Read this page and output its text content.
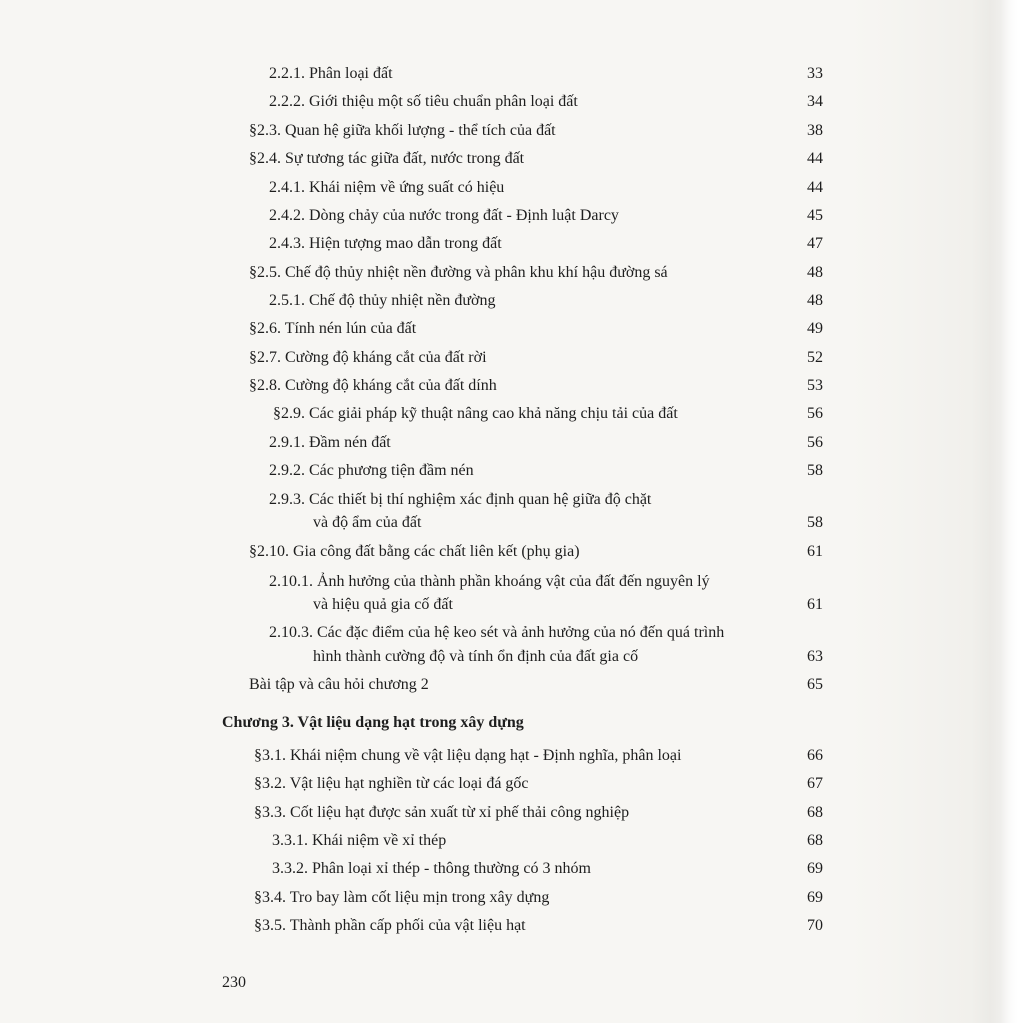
2.2.1. Phân loại đất	33
2.2.2. Giới thiệu một số tiêu chuẩn phân loại đất	34
§2.3. Quan hệ giữa khối lượng - thể tích của đất	38
§2.4. Sự tương tác giữa đất, nước trong đất	44
2.4.1. Khái niệm về ứng suất có hiệu	44
2.4.2. Dòng chảy của nước trong đất - Định luật Darcy	45
2.4.3. Hiện tượng mao dẫn trong đất	47
§2.5. Chế độ thủy nhiệt nền đường và phân khu khí hậu đường sá	48
2.5.1. Chế độ thủy nhiệt nền đường	48
§2.6. Tính nén lún của đất	49
§2.7. Cường độ kháng cắt của đất rời	52
§2.8. Cường độ kháng cắt của đất dính	53
§2.9. Các giải pháp kỹ thuật nâng cao khả năng chịu tải của đất	56
2.9.1. Đầm nén đất	56
2.9.2. Các phương tiện đầm nén	58
2.9.3. Các thiết bị thí nghiệm xác định quan hệ giữa độ chặt
và độ ẩm của đất	58
§2.10. Gia công đất bằng các chất liên kết (phụ gia)	61
2.10.1. Ảnh hưởng của thành phần khoáng vật của đất đến nguyên lý
và hiệu quả gia cố đất	61
2.10.3. Các đặc điểm của hệ keo sét và ảnh hưởng của nó đến quá trình
hình thành cường độ và tính ổn định của đất gia cố	63
Bài tập và câu hỏi chương 2	65
Chương 3. Vật liệu dạng hạt trong xây dựng
§3.1. Khái niệm chung về vật liệu dạng hạt - Định nghĩa, phân loại	66
§3.2. Vật liệu hạt nghiền từ các loại đá gốc	67
§3.3. Cốt liệu hạt được sản xuất từ xỉ phế thải công nghiệp	68
3.3.1. Khái niệm về xỉ thép	68
3.3.2. Phân loại xỉ thép - thông thường có 3 nhóm	69
§3.4. Tro bay làm cốt liệu mịn trong xây dựng	69
§3.5. Thành phần cấp phối của vật liệu hạt	70
230
